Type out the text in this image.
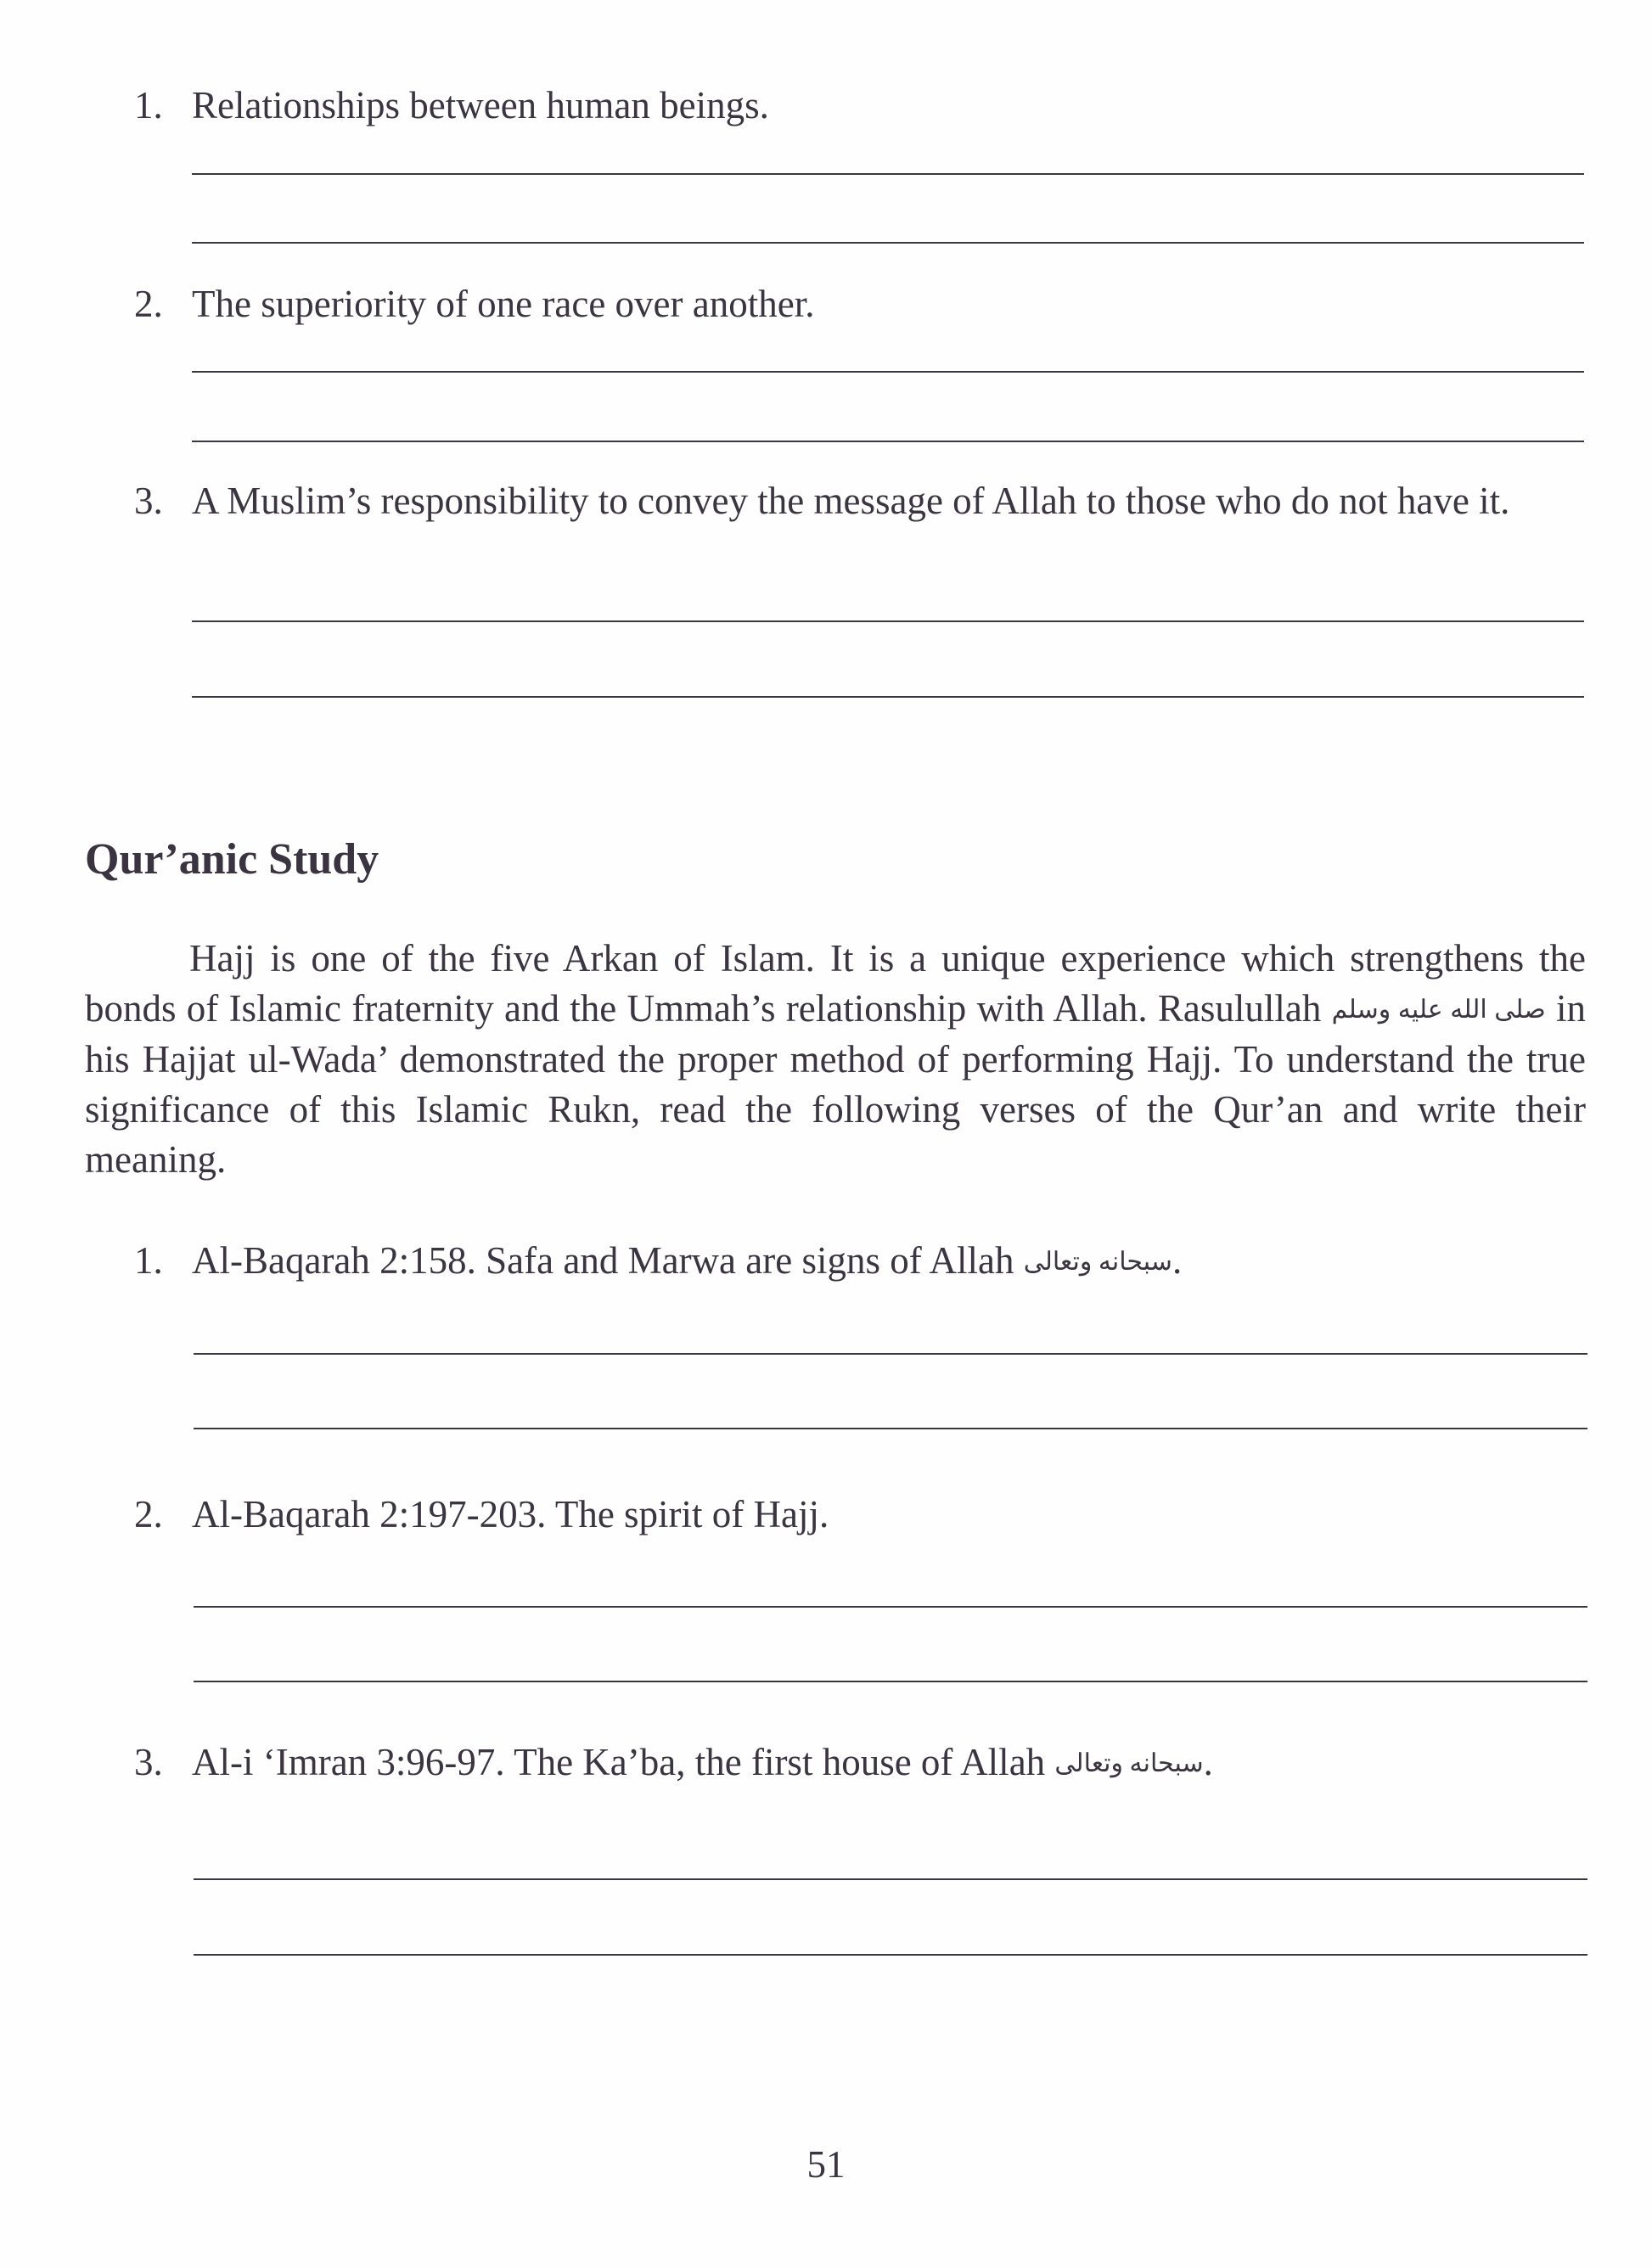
1. Relationships between human beings.
2. The superiority of one race over another.
3. A Muslim’s responsibility to convey the message of Allah to those who do not have it.
Qur’anic Study
Hajj is one of the five Arkan of Islam. It is a unique experience which strengthens the bonds of Islamic fraternity and the Ummah’s relationship with Allah. Rasulullah صلى الله عليه وسلم in his Hajjat ul-Wada’ demonstrated the proper method of performing Hajj. To understand the true significance of this Islamic Rukn, read the following verses of the Qur’an and write their meaning.
1. Al-Baqarah 2:158. Safa and Marwa are signs of Allah سبحانه وتعالى.
2. Al-Baqarah 2:197-203. The spirit of Hajj.
3. Al-i ‘Imran 3:96-97. The Ka’ba, the first house of Allah سبحانه وتعالى.
51
